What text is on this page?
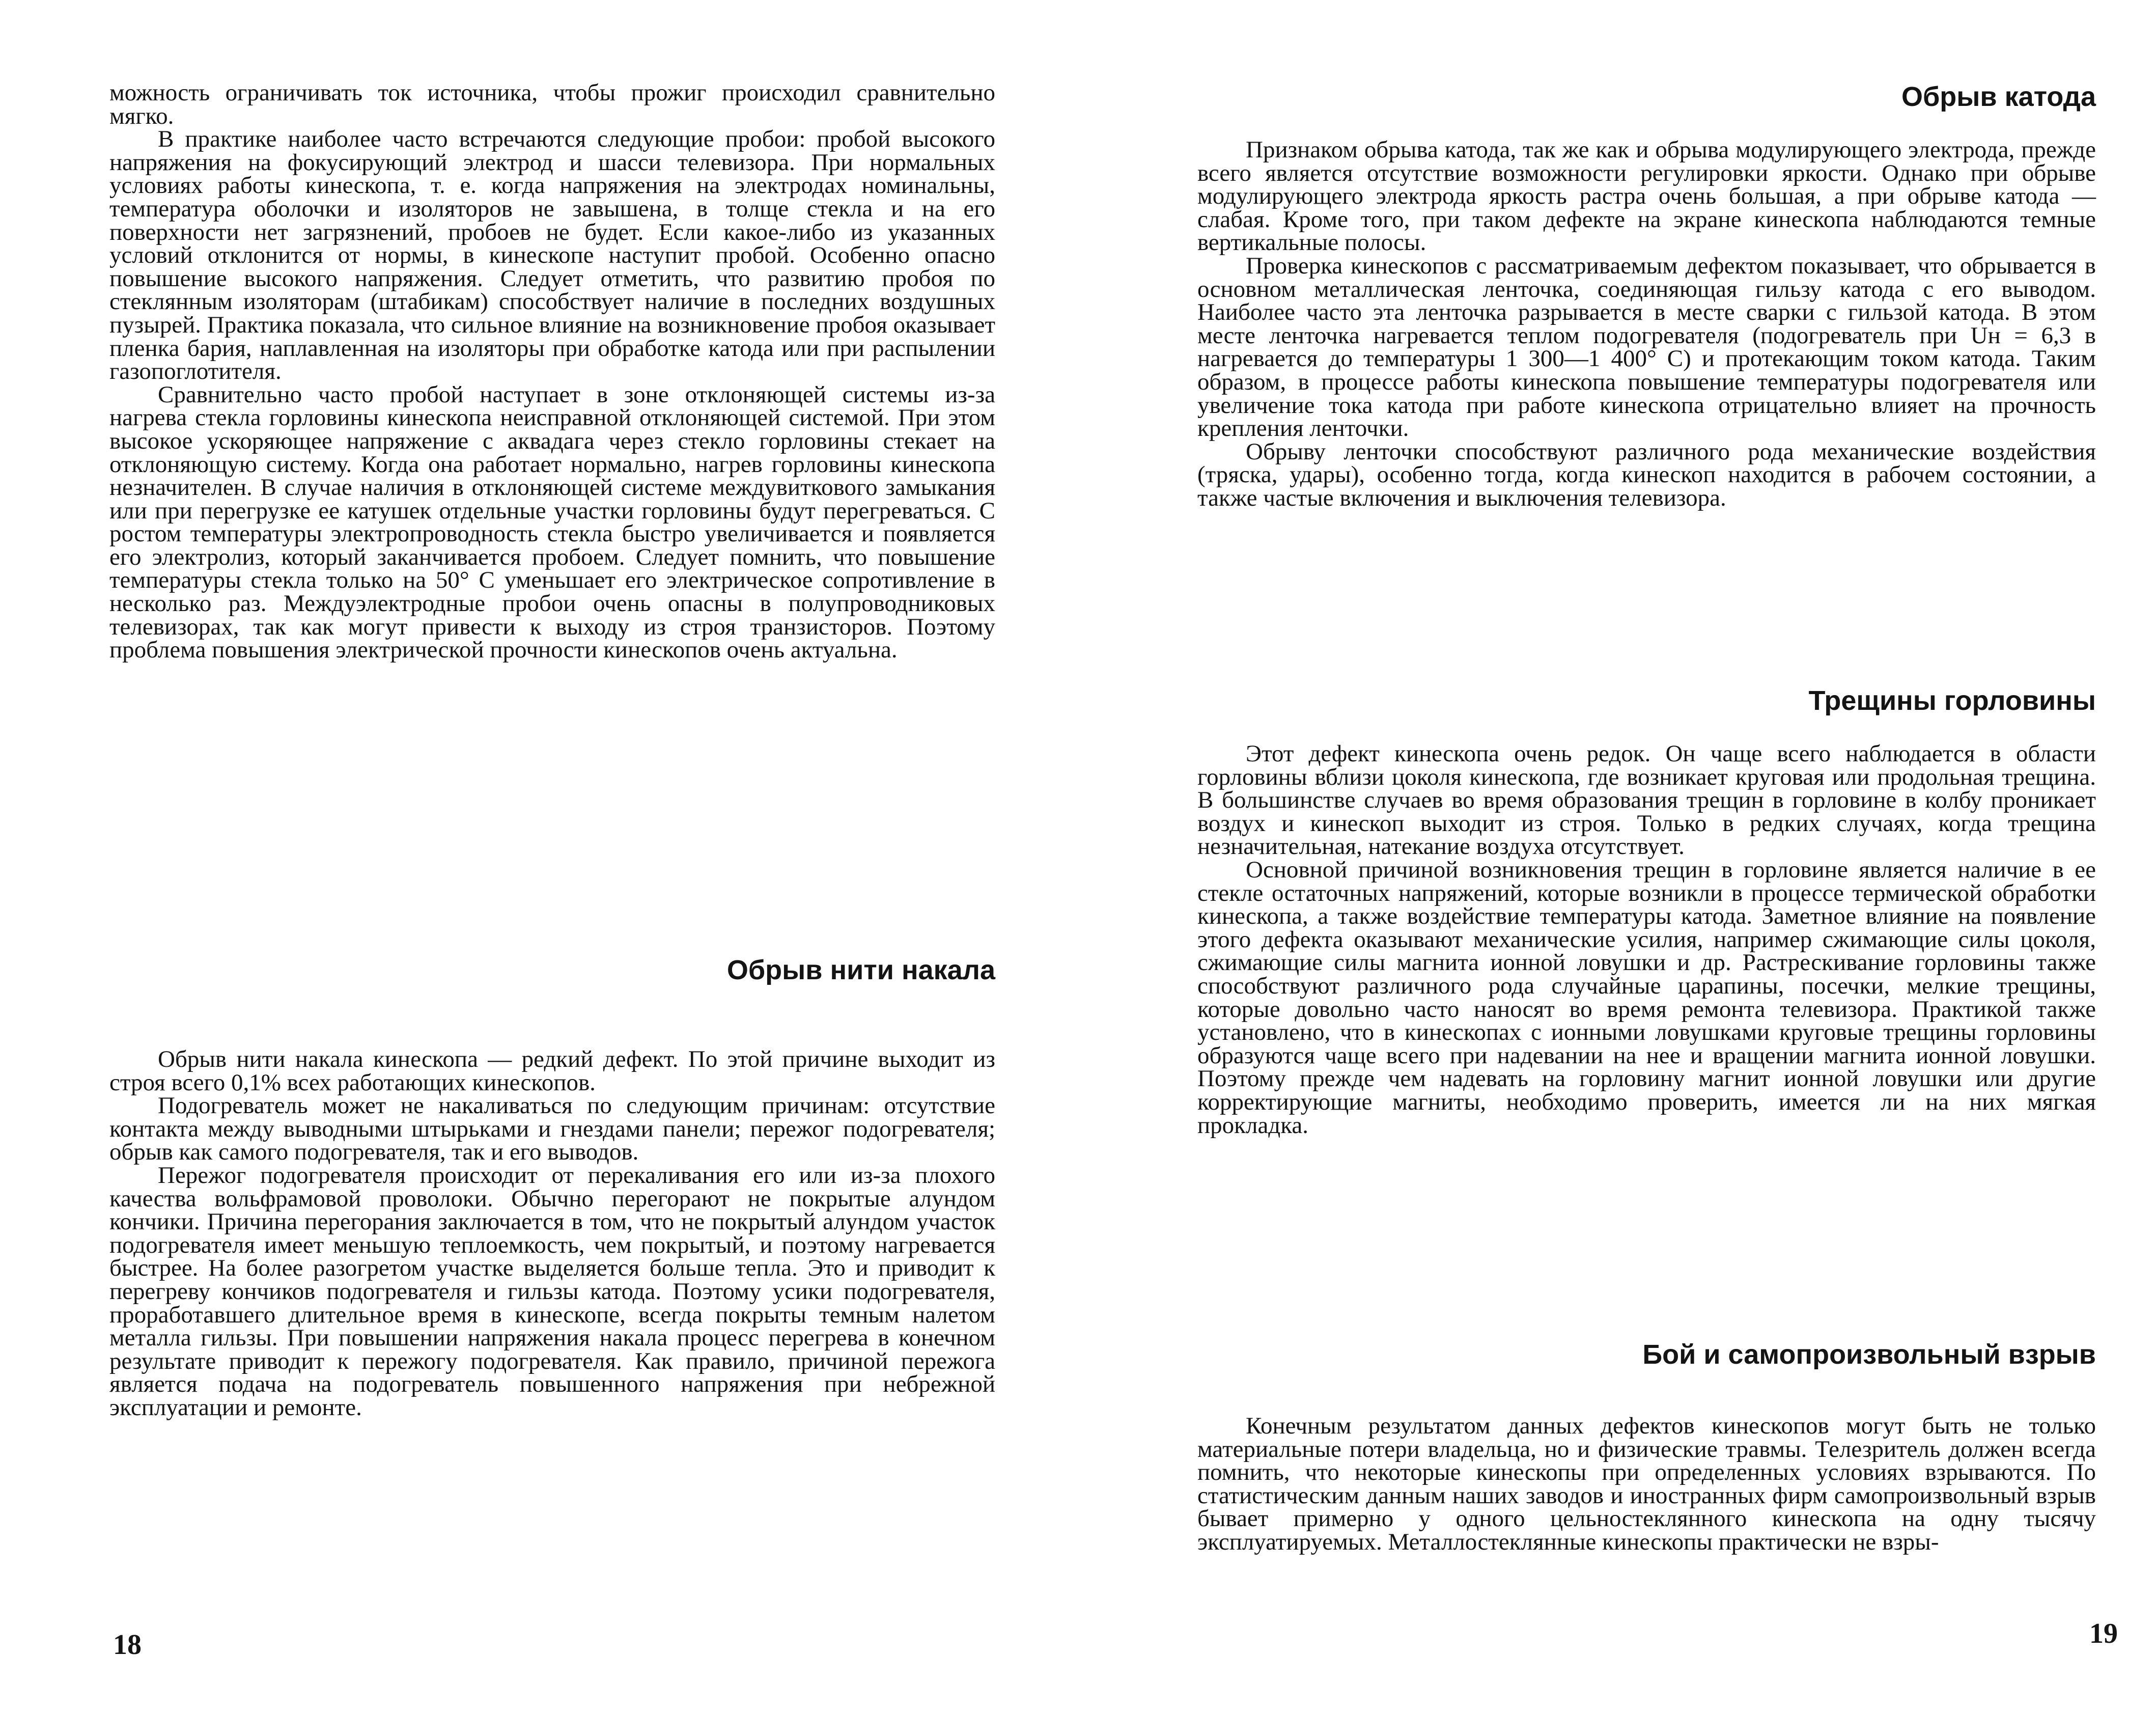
можность ограничивать ток источника, чтобы прожиг происходил сравнительно мягко.

В практике наиболее часто встречаются следующие пробои: пробой высокого напряжения на фокусирующий электрод и шасси телевизора. При нормальных условиях работы кинескопа, т. е. когда напряжения на электродах номинальны, температура оболочки и изоляторов не завышена, в толще стекла и на его поверхности нет загрязнений, пробоев не будет. Если какое-либо из указанных условий отклонится от нормы, в кинескопе наступит пробой. Особенно опасно повышение высокого напряжения. Следует отметить, что развитию пробоя по стеклянным изоляторам (штабикам) способствует наличие в последних воздушных пузырей. Практика показала, что сильное влияние на возникновение пробоя оказывает пленка бария, наплавленная на изоляторы при обработке катода или при распылении газопоглотителя.

Сравнительно часто пробой наступает в зоне отклоняющей системы из-за нагрева стекла горловины кинескопа неисправной отклоняющей системой. При этом высокое ускоряющее напряжение с аквадага через стекло горловины стекает на отклоняющую систему. Когда она работает нормально, нагрев горловины кинескопа незначителен. В случае наличия в отклоняющей системе междувиткового замыкания или при перегрузке ее катушек отдельные участки горловины будут перегреваться. С ростом температуры электропроводность стекла быстро увеличивается и появляется его электролиз, который заканчивается пробоем. Следует помнить, что повышение температуры стекла только на 50° С уменьшает его электрическое сопротивление в несколько раз. Междуэлектродные пробои очень опасны в полупроводниковых телевизорах, так как могут привести к выходу из строя транзисторов. Поэтому проблема повышения электрической прочности кинескопов очень актуальна.

Обрыв нити накала

Обрыв нити накала кинескопа — редкий дефект. По этой причине выходит из строя всего 0,1% всех работающих кинескопов.

Подогреватель может не накаливаться по следующим причинам: отсутствие контакта между выводными штырьками и гнездами панели; пережог подогревателя; обрыв как самого подогревателя, так и его выводов.

Пережог подогревателя происходит от перекаливания его или из-за плохого качества вольфрамовой проволоки. Обычно перегорают не покрытые алундом кончики. Причина перегорания заключается в том, что не покрытый алундом участок подогревателя имеет меньшую теплоемкость, чем покрытый, и поэтому нагревается быстрее. На более разогретом участке выделяется больше тепла. Это и приводит к перегреву кончиков подогревателя и гильзы катода. Поэтому усики подогревателя, проработавшего длительное время в кинескопе, всегда покрыты темным налетом металла гильзы. При повышении напряжения накала процесс перегрева в конечном результате приводит к пережогу подогревателя. Как правило, причиной пережога является подача на подогреватель повышенного напряжения при небрежной эксплуатации и ремонте.

18
Обрыв катода

Признаком обрыва катода, так же как и обрыва модулирующего электрода, прежде всего является отсутствие возможности регулировки яркости. Однако при обрыве модулирующего электрода яркость растра очень большая, а при обрыве катода — слабая. Кроме того, при таком дефекте на экране кинескопа наблюдаются темные вертикальные полосы.

Проверка кинескопов с рассматриваемым дефектом показывает, что обрывается в основном металлическая ленточка, соединяющая гильзу катода с его выводом. Наиболее часто эта ленточка разрывается в месте сварки с гильзой катода. В этом месте ленточка нагревается теплом подогревателя (подогреватель при Uн = 6,3 в нагревается до температуры 1 300—1 400° С) и протекающим током катода. Таким образом, в процессе работы кинескопа повышение температуры подогревателя или увеличение тока катода при работе кинескопа отрицательно влияет на прочность крепления ленточки.

Обрыву ленточки способствуют различного рода механические воздействия (тряска, удары), особенно тогда, когда кинескоп находится в рабочем состоянии, а также частые включения и выключения телевизора.

Трещины горловины

Этот дефект кинескопа очень редок. Он чаще всего наблюдается в области горловины вблизи цоколя кинескопа, где возникает круговая или продольная трещина. В большинстве случаев во время образования трещин в горловине в колбу проникает воздух и кинескоп выходит из строя. Только в редких случаях, когда трещина незначительная, натекание воздуха отсутствует.

Основной причиной возникновения трещин в горловине является наличие в ее стекле остаточных напряжений, которые возникли в процессе термической обработки кинескопа, а также воздействие температуры катода. Заметное влияние на появление этого дефекта оказывают механические усилия, например сжимающие силы цоколя, сжимающие силы магнита ионной ловушки и др. Растрескивание горловины также способствуют различного рода случайные царапины, посечки, мелкие трещины, которые довольно часто наносят во время ремонта телевизора. Практикой также установлено, что в кинескопах с ионными ловушками круговые трещины горловины образуются чаще всего при надевании на нее и вращении магнита ионной ловушки. Поэтому прежде чем надевать на горловину магнит ионной ловушки или другие корректирующие магниты, необходимо проверить, имеется ли на них мягкая прокладка.

Бой и самопроизвольный взрыв

Конечным результатом данных дефектов кинескопов могут быть не только материальные потери владельца, но и физические травмы. Телезритель должен всегда помнить, что некоторые кинескопы при определенных условиях взрываются. По статистическим данным наших заводов и иностранных фирм самопроизвольный взрыв бывает примерно у одного цельностеклянного кинескопа на одну тысячу эксплуатируемых. Металлостеклянные кинескопы практически не взры-

19
